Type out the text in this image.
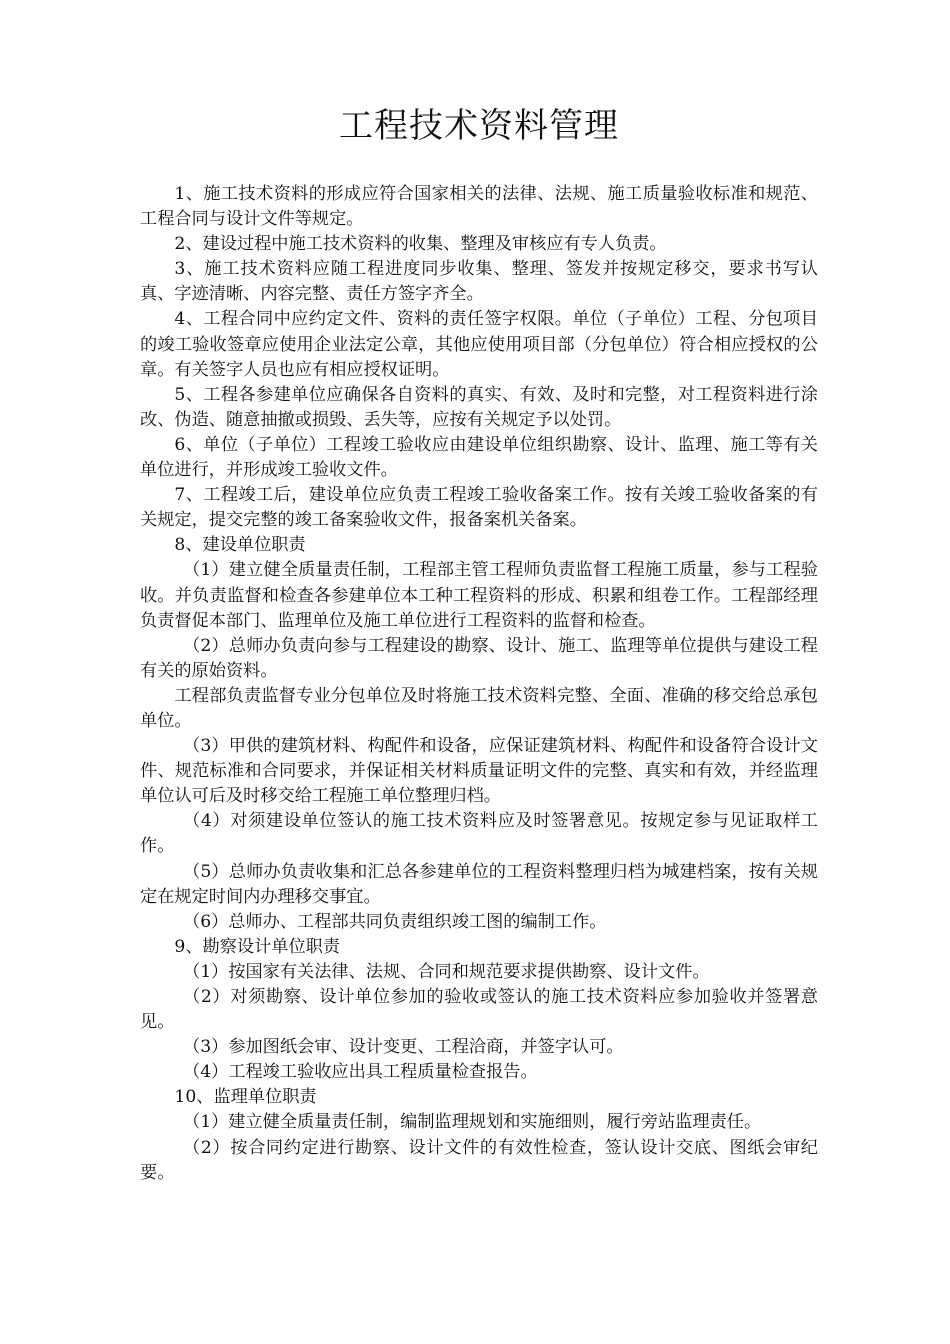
工程技术资料管理

1、施工技术资料的形成应符合国家相关的法律、法规、施工质量验收标准和规范、工程合同与设计文件等规定。

2、建设过程中施工技术资料的收集、整理及审核应有专人负责。

3、施工技术资料应随工程进度同步收集、整理、签发并按规定移交，要求书写认真、字迹清晰、内容完整、责任方签字齐全。

4、工程合同中应约定文件、资料的责任签字权限。单位（子单位）工程、分包项目的竣工验收签章应使用企业法定公章，其他应使用项目部（分包单位）符合相应授权的公章。有关签字人员也应有相应授权证明。

5、工程各参建单位应确保各自资料的真实、有效、及时和完整，对工程资料进行涂改、伪造、随意抽撤或损毁、丢失等，应按有关规定予以处罚。

6、单位（子单位）工程竣工验收应由建设单位组织勘察、设计、监理、施工等有关单位进行，并形成竣工验收文件。

7、工程竣工后，建设单位应负责工程竣工验收备案工作。按有关竣工验收备案的有关规定，提交完整的竣工备案验收文件，报备案机关备案。

8、建设单位职责

（1）建立健全质量责任制，工程部主管工程师负责监督工程施工质量，参与工程验收。并负责监督和检查各参建单位本工种工程资料的形成、积累和组卷工作。工程部经理负责督促本部门、监理单位及施工单位进行工程资料的监督和检查。

（2）总师办负责向参与工程建设的勘察、设计、施工、监理等单位提供与建设工程有关的原始资料。

工程部负责监督专业分包单位及时将施工技术资料完整、全面、准确的移交给总承包单位。

（3）甲供的建筑材料、构配件和设备，应保证建筑材料、构配件和设备符合设计文件、规范标准和合同要求，并保证相关材料质量证明文件的完整、真实和有效，并经监理单位认可后及时移交给工程施工单位整理归档。

（4）对须建设单位签认的施工技术资料应及时签署意见。按规定参与见证取样工作。

（5）总师办负责收集和汇总各参建单位的工程资料整理归档为城建档案，按有关规定在规定时间内办理移交事宜。

（6）总师办、工程部共同负责组织竣工图的编制工作。

9、勘察设计单位职责

（1）按国家有关法律、法规、合同和规范要求提供勘察、设计文件。

（2）对须勘察、设计单位参加的验收或签认的施工技术资料应参加验收并签署意见。

（3）参加图纸会审、设计变更、工程洽商，并签字认可。

（4）工程竣工验收应出具工程质量检查报告。

10、监理单位职责

（1）建立健全质量责任制，编制监理规划和实施细则，履行旁站监理责任。

（2）按合同约定进行勘察、设计文件的有效性检查，签认设计交底、图纸会审纪要。
